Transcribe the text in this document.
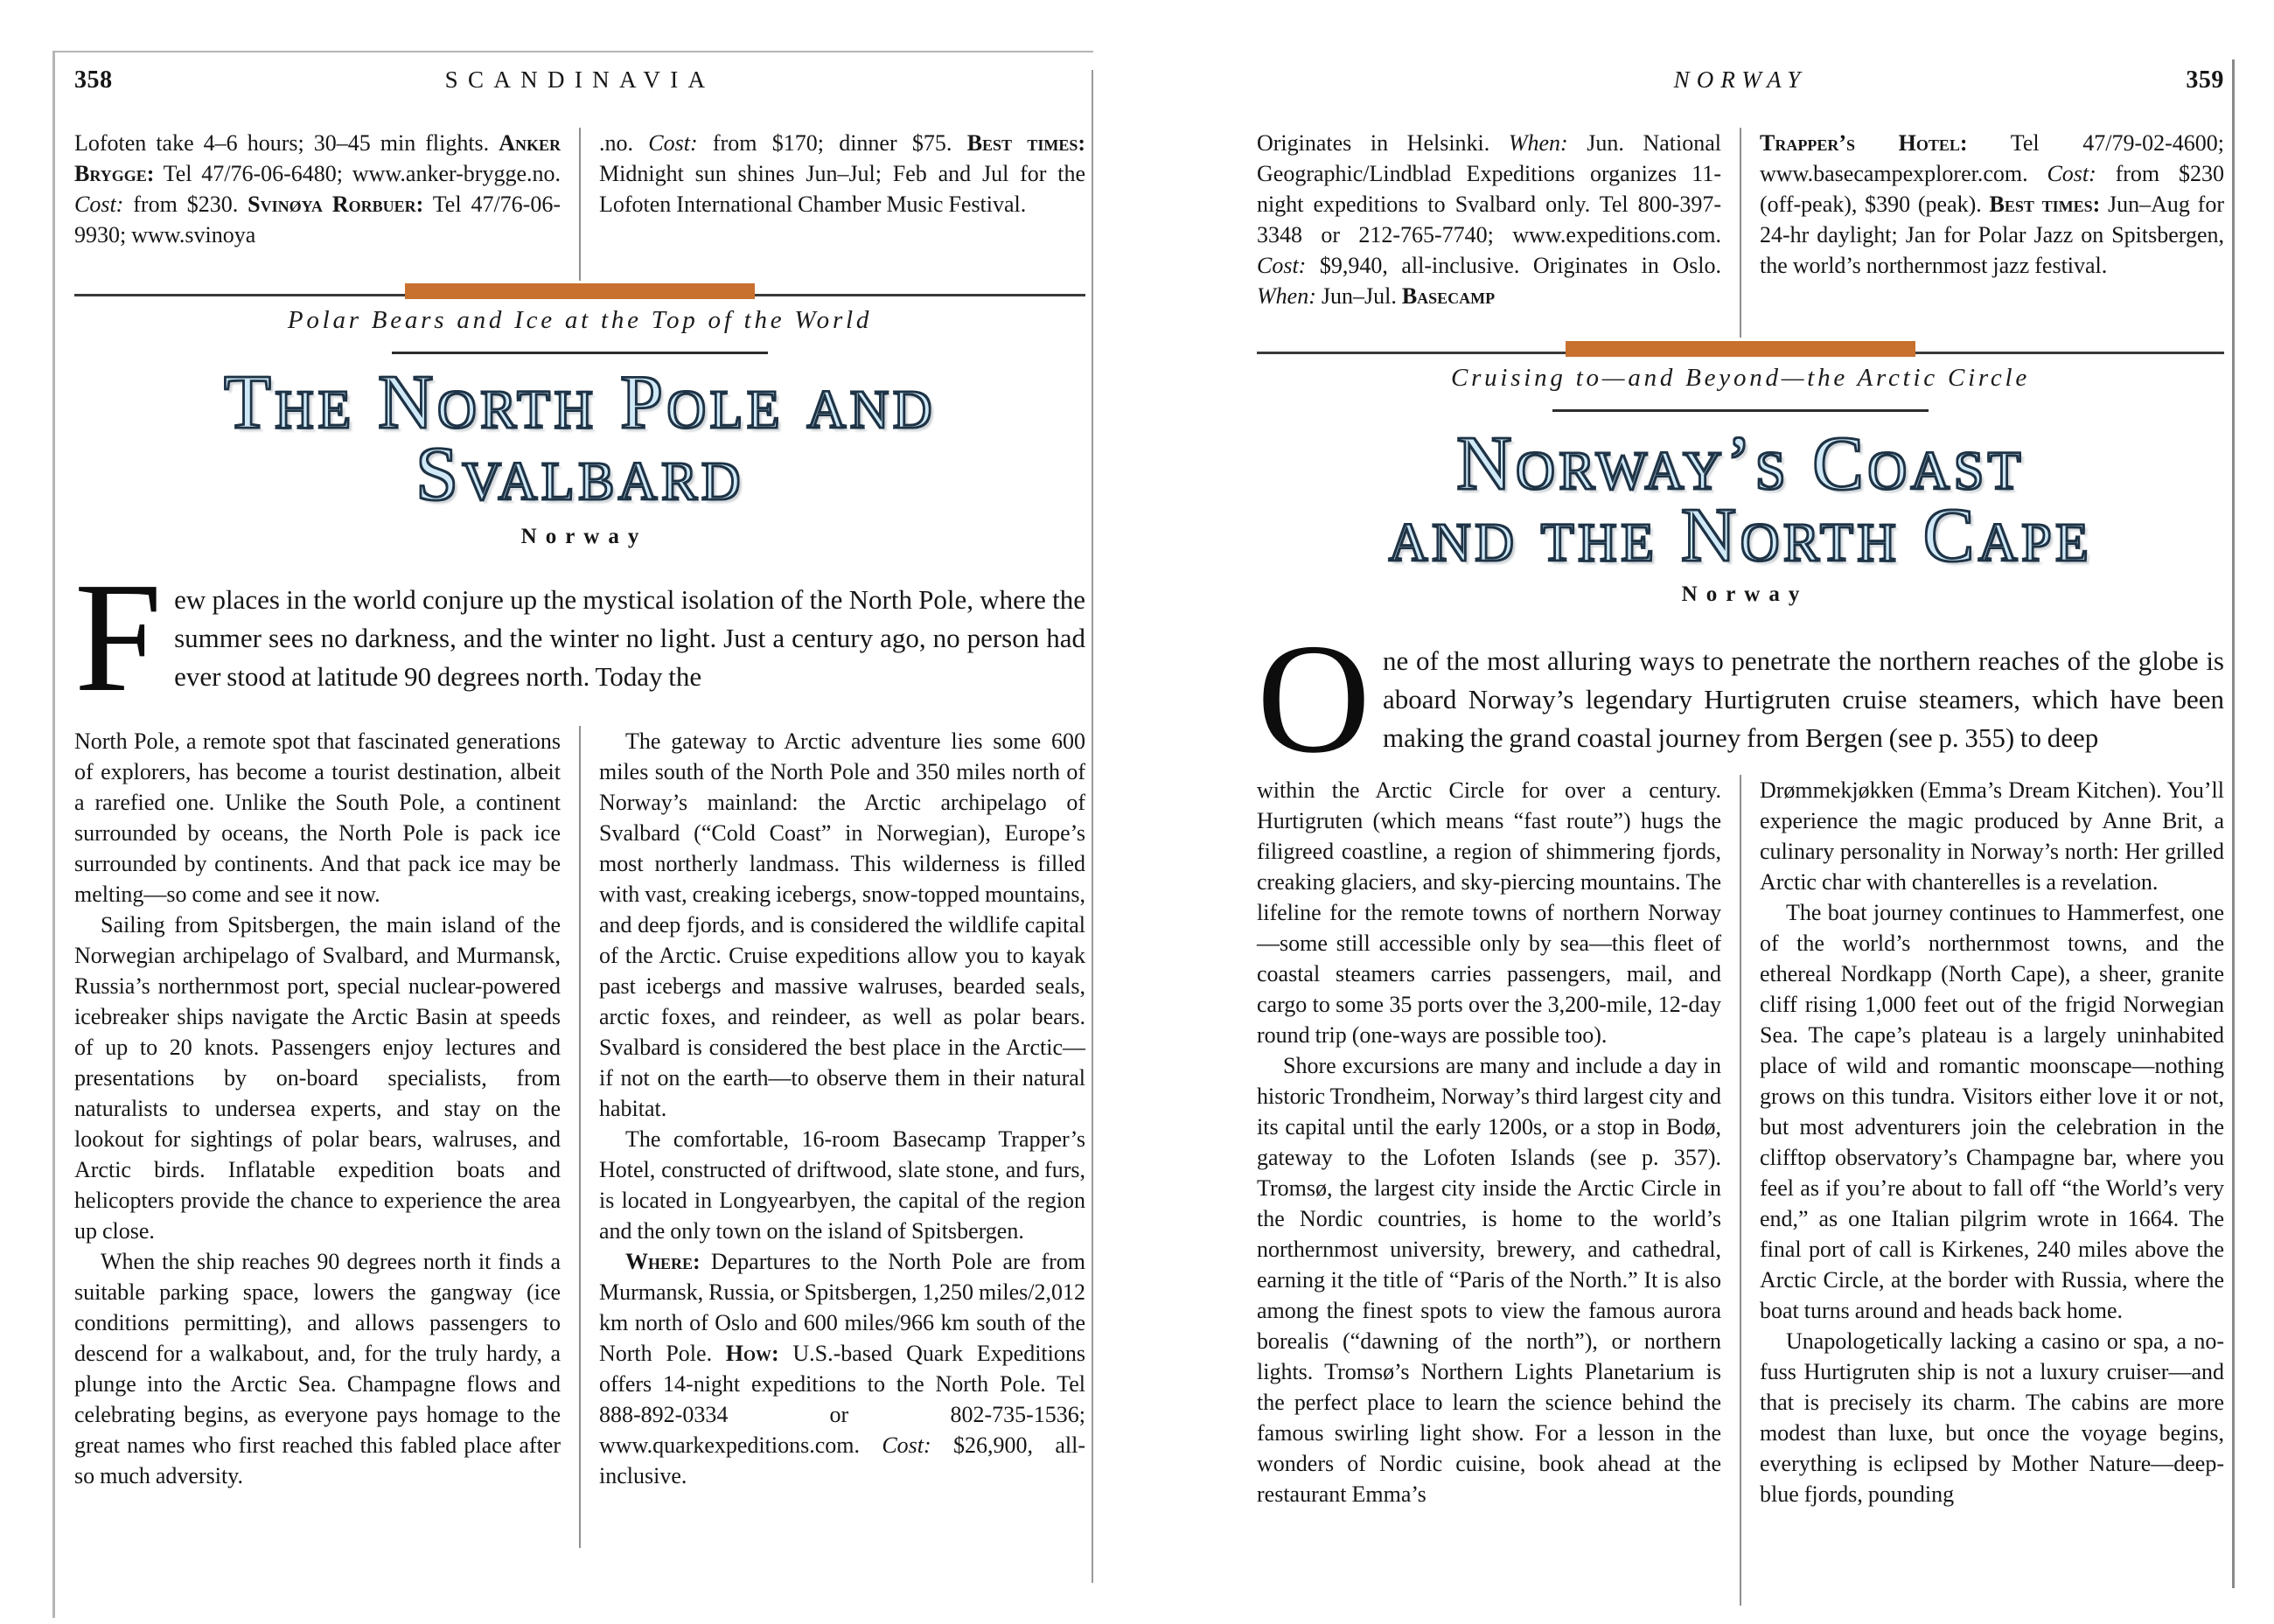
358	SCANDINAVIA

Lofoten take 4–6 hours; 30–45 min flights. Anker Brygge: Tel 47/76-06-6480; www.anker-brygge.no. Cost: from $230. Svinøya Rorbuer: Tel 47/76-06-9930; www.svinoya

.no. Cost: from $170; dinner $75. Best times: Midnight sun shines Jun–Jul; Feb and Jul for the Lofoten International Chamber Music Festival.

Polar Bears and Ice at the Top of the World
The North Pole and
Svalbard
Norway
Few places in the world conjure up the mystical isolation of the North Pole, where the summer sees no darkness, and the winter no light. Just a century ago, no person had ever stood at latitude 90 degrees north. Today the

North Pole, a remote spot that fascinated generations of explorers, has become a tourist destination, albeit a rarefied one. Unlike the South Pole, a continent surrounded by oceans, the North Pole is pack ice surrounded by continents. And that pack ice may be melting—so come and see it now.

Sailing from Spitsbergen, the main island of the Norwegian archipelago of Svalbard, and Murmansk, Russia’s northernmost port, special nuclear-powered icebreaker ships navigate the Arctic Basin at speeds of up to 20 knots. Passengers enjoy lectures and presentations by on-board specialists, from naturalists to undersea experts, and stay on the lookout for sightings of polar bears, walruses, and Arctic birds. Inflatable expedition boats and helicopters provide the chance to experience the area up close.

When the ship reaches 90 degrees north it finds a suitable parking space, lowers the gangway (ice conditions permitting), and allows passengers to descend for a walkabout, and, for the truly hardy, a plunge into the Arctic Sea. Champagne flows and celebrating begins, as everyone pays homage to the great names who first reached this fabled place after so much adversity.

The gateway to Arctic adventure lies some 600 miles south of the North Pole and 350 miles north of Norway’s mainland: the Arctic archipelago of Svalbard (“Cold Coast” in Norwegian), Europe’s most northerly landmass. This wilderness is filled with vast, creaking icebergs, snow-topped mountains, and deep fjords, and is considered the wildlife capital of the Arctic. Cruise expeditions allow you to kayak past icebergs and massive walruses, bearded seals, arctic foxes, and reindeer, as well as polar bears. Svalbard is considered the best place in the Arctic—if not on the earth—to observe them in their natural habitat.

The comfortable, 16-room Basecamp Trapper’s Hotel, constructed of driftwood, slate stone, and furs, is located in Longyearbyen, the capital of the region and the only town on the island of Spitsbergen.

Where: Departures to the North Pole are from Murmansk, Russia, or Spitsbergen, 1,250 miles/2,012 km north of Oslo and 600 miles/966 km south of the North Pole. How: U.S.-based Quark Expeditions offers 14-night expeditions to the North Pole. Tel 888-892-0334 or 802-735-1536; www.quarkexpeditions.com. Cost: $26,900, all-inclusive.

NORWAY	359

Originates in Helsinki. When: Jun. National Geographic/Lindblad Expeditions organizes 11-night expeditions to Svalbard only. Tel 800-397-3348 or 212-765-7740; www.expeditions.com. Cost: $9,940, all-inclusive. Originates in Oslo. When: Jun–Jul. Basecamp

Trapper’s Hotel: Tel 47/79-02-4600; www.basecampexplorer.com. Cost: from $230 (off-peak), $390 (peak). Best times: Jun–Aug for 24-hr daylight; Jan for Polar Jazz on Spitsbergen, the world’s northernmost jazz festival.

Cruising to—and Beyond—the Arctic Circle
Norway’s Coast
and the North Cape
Norway
One of the most alluring ways to penetrate the northern reaches of the globe is aboard Norway’s legendary Hurtigruten cruise steamers, which have been making the grand coastal journey from Bergen (see p. 355) to deep

within the Arctic Circle for over a century. Hurtigruten (which means “fast route”) hugs the filigreed coastline, a region of shimmering fjords, creaking glaciers, and sky-piercing mountains. The lifeline for the remote towns of northern Norway—some still accessible only by sea—this fleet of coastal steamers carries passengers, mail, and cargo to some 35 ports over the 3,200-mile, 12-day round trip (one-ways are possible too).

Shore excursions are many and include a day in historic Trondheim, Norway’s third largest city and its capital until the early 1200s, or a stop in Bodø, gateway to the Lofoten Islands (see p. 357). Tromsø, the largest city inside the Arctic Circle in the Nordic countries, is home to the world’s northernmost university, brewery, and cathedral, earning it the title of “Paris of the North.” It is also among the finest spots to view the famous aurora borealis (“dawning of the north”), or northern lights. Tromsø’s Northern Lights Planetarium is the perfect place to learn the science behind the famous swirling light show. For a lesson in the wonders of Nordic cuisine, book ahead at the restaurant Emma’s

Drømmekjøkken (Emma’s Dream Kitchen). You’ll experience the magic produced by Anne Brit, a culinary personality in Norway’s north: Her grilled Arctic char with chanterelles is a revelation.

The boat journey continues to Hammerfest, one of the world’s northernmost towns, and the ethereal Nordkapp (North Cape), a sheer, granite cliff rising 1,000 feet out of the frigid Norwegian Sea. The cape’s plateau is a largely uninhabited place of wild and romantic moonscape—nothing grows on this tundra. Visitors either love it or not, but most adventurers join the celebration in the clifftop observatory’s Champagne bar, where you feel as if you’re about to fall off “the World’s very end,” as one Italian pilgrim wrote in 1664. The final port of call is Kirkenes, 240 miles above the Arctic Circle, at the border with Russia, where the boat turns around and heads back home.

Unapologetically lacking a casino or spa, a no-fuss Hurtigruten ship is not a luxury cruiser—and that is precisely its charm. The cabins are more modest than luxe, but once the voyage begins, everything is eclipsed by Mother Nature—deep-blue fjords, pounding
